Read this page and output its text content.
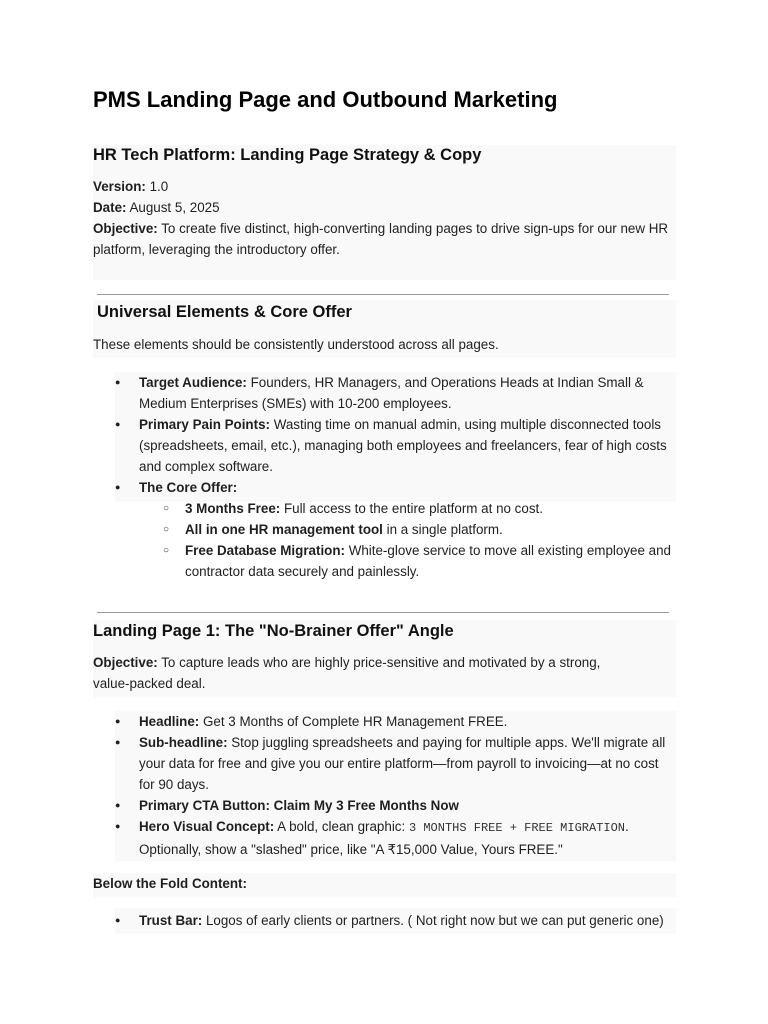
PMS Landing Page and Outbound Marketing
HR Tech Platform: Landing Page Strategy & Copy

Version: 1.0

Date: August 5, 2025

Objective: To create five distinct, high-converting landing pages to drive sign-ups for our new HR platform, leveraging the introductory offer.

Universal Elements & Core Offer

These elements should be consistently understood across all pages.

● Target Audience: Founders, HR Managers, and Operations Heads at Indian Small & Medium Enterprises (SMEs) with 10-200 employees.
● Primary Pain Points: Wasting time on manual admin, using multiple disconnected tools (spreadsheets, email, etc.), managing both employees and freelancers, fear of high costs and complex software.
● The Core Offer:
○ 3 Months Free: Full access to the entire platform at no cost.
○ All in one HR management tool in a single platform.
○ Free Database Migration: White-glove service to move all existing employee and contractor data securely and painlessly.
Landing Page 1: The "No-Brainer Offer" Angle

Objective: To capture leads who are highly price-sensitive and motivated by a strong, value-packed deal.

● Headline: Get 3 Months of Complete HR Management FREE.
● Sub-headline: Stop juggling spreadsheets and paying for multiple apps. We'll migrate all your data for free and give you our entire platform—from payroll to invoicing—at no cost for 90 days.
● Primary CTA Button: Claim My 3 Free Months Now
● Hero Visual Concept: A bold, clean graphic: 3 MONTHS FREE + FREE MIGRATION. Optionally, show a "slashed" price, like "A ₹15,000 Value, Yours FREE."

Below the Fold Content:

● Trust Bar: Logos of early clients or partners. ( Not right now but we can put generic one)
